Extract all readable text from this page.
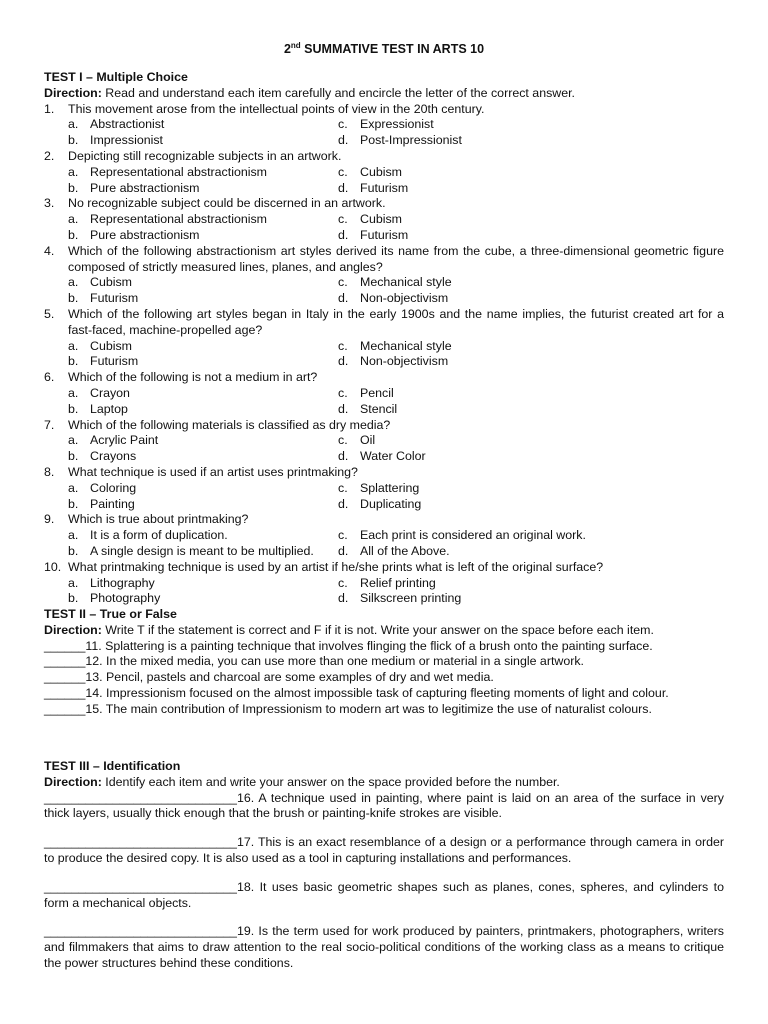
2nd SUMMATIVE TEST IN ARTS 10
TEST I – Multiple Choice
Direction: Read and understand each item carefully and encircle the letter of the correct answer.
1.	This movement arose from the intellectual points of view in the 20th century.
a. Abstractionist	c. Expressionist
b. Impressionist	d. Post-Impressionist
2.	Depicting still recognizable subjects in an artwork.
a. Representational abstractionism	c. Cubism
b. Pure abstractionism	d. Futurism
3.	No recognizable subject could be discerned in an artwork.
a. Representational abstractionism	c. Cubism
b. Pure abstractionism	d. Futurism
4.	Which of the following abstractionism art styles derived its name from the cube, a three-dimensional geometric figure composed of strictly measured lines, planes, and angles?
a. Cubism	c. Mechanical style
b. Futurism	d. Non-objectivism
5.	Which of the following art styles began in Italy in the early 1900s and the name implies, the futurist created art for a fast-faced, machine-propelled age?
a. Cubism	c. Mechanical style
b. Futurism	d. Non-objectivism
6.	Which of the following is not a medium in art?
a. Crayon	c. Pencil
b. Laptop	d. Stencil
7.	Which of the following materials is classified as dry media?
a. Acrylic Paint	c. Oil
b. Crayons	d. Water Color
8.	What technique is used if an artist uses printmaking?
a. Coloring	c. Splattering
b. Painting	d. Duplicating
9.	Which is true about printmaking?
a. It is a form of duplication.	c. Each print is considered an original work.
b. A single design is meant to be multiplied. d. All of the Above.
10. What printmaking technique is used by an artist if he/she prints what is left of the original surface?
a. Lithography	c. Relief printing
b. Photography	d. Silkscreen printing
TEST II – True or False
Direction: Write T if the statement is correct and F if it is not. Write your answer on the space before each item.
______11. Splattering is a painting technique that involves flinging the flick of a brush onto the painting surface.
______12. In the mixed media, you can use more than one medium or material in a single artwork.
______13. Pencil, pastels and charcoal are some examples of dry and wet media.
______14. Impressionism focused on the almost impossible task of capturing fleeting moments of light and colour.
______15. The main contribution of Impressionism to modern art was to legitimize the use of naturalist colours.
TEST III – Identification
Direction: Identify each item and write your answer on the space provided before the number.
____________________________16. A technique used in painting, where paint is laid on an area of the surface in very thick layers, usually thick enough that the brush or painting-knife strokes are visible.
____________________________17. This is an exact resemblance of a design or a performance through camera in order to produce the desired copy. It is also used as a tool in capturing installations and performances.
____________________________18. It uses basic geometric shapes such as planes, cones, spheres, and cylinders to form a mechanical objects.
____________________________19. Is the term used for work produced by painters, printmakers, photographers, writers and filmmakers that aims to draw attention to the real socio-political conditions of the working class as a means to critique the power structures behind these conditions.
